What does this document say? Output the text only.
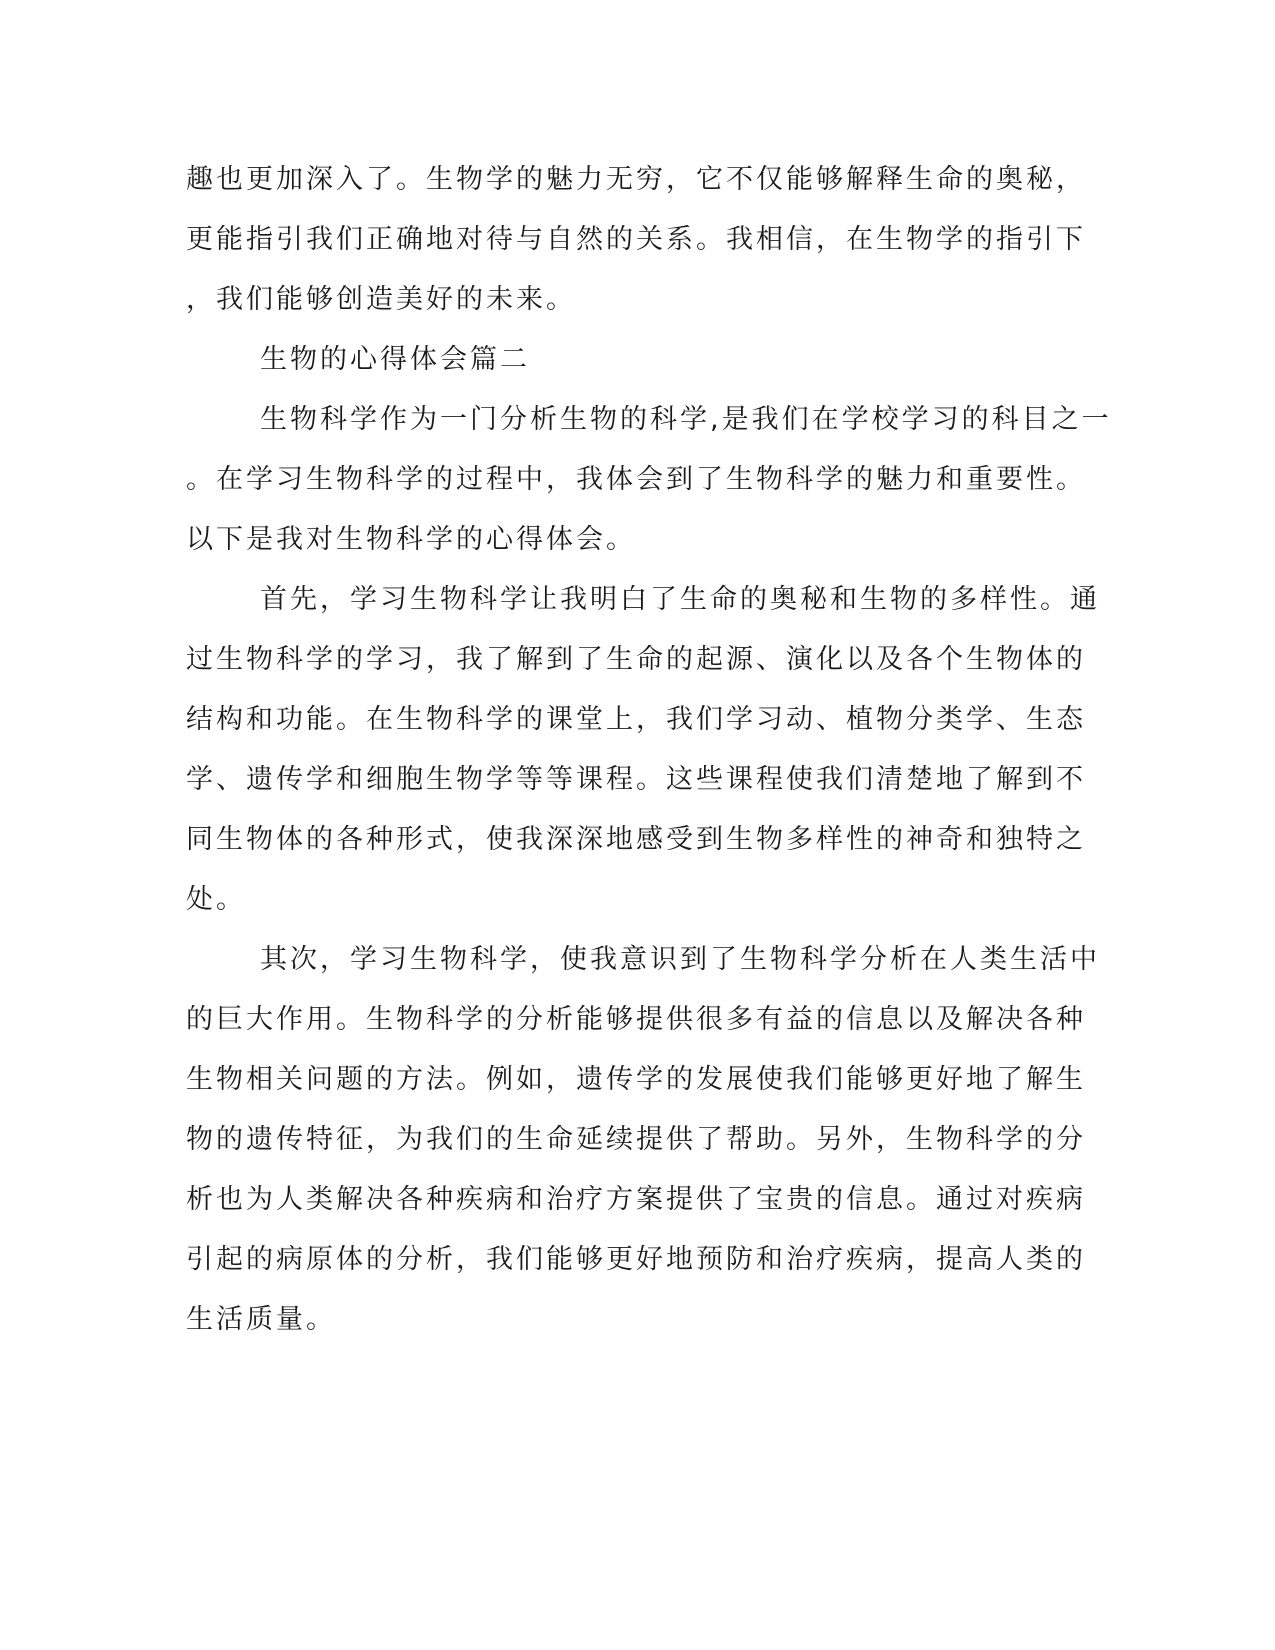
趣也更加深入了。生物学的魅力无穷，它不仅能够解释生命的奥秘，
更能指引我们正确地对待与自然的关系。我相信，在生物学的指引下
，我们能够创造美好的未来。
生物的心得体会篇二
生物科学作为一门分析生物的科学,是我们在学校学习的科目之一
。在学习生物科学的过程中，我体会到了生物科学的魅力和重要性。
以下是我对生物科学的心得体会。
首先，学习生物科学让我明白了生命的奥秘和生物的多样性。通
过生物科学的学习，我了解到了生命的起源、演化以及各个生物体的
结构和功能。在生物科学的课堂上，我们学习动、植物分类学、生态
学、遗传学和细胞生物学等等课程。这些课程使我们清楚地了解到不
同生物体的各种形式，使我深深地感受到生物多样性的神奇和独特之
处。
其次，学习生物科学，使我意识到了生物科学分析在人类生活中
的巨大作用。生物科学的分析能够提供很多有益的信息以及解决各种
生物相关问题的方法。例如，遗传学的发展使我们能够更好地了解生
物的遗传特征，为我们的生命延续提供了帮助。另外，生物科学的分
析也为人类解决各种疾病和治疗方案提供了宝贵的信息。通过对疾病
引起的病原体的分析，我们能够更好地预防和治疗疾病，提高人类的
生活质量。
